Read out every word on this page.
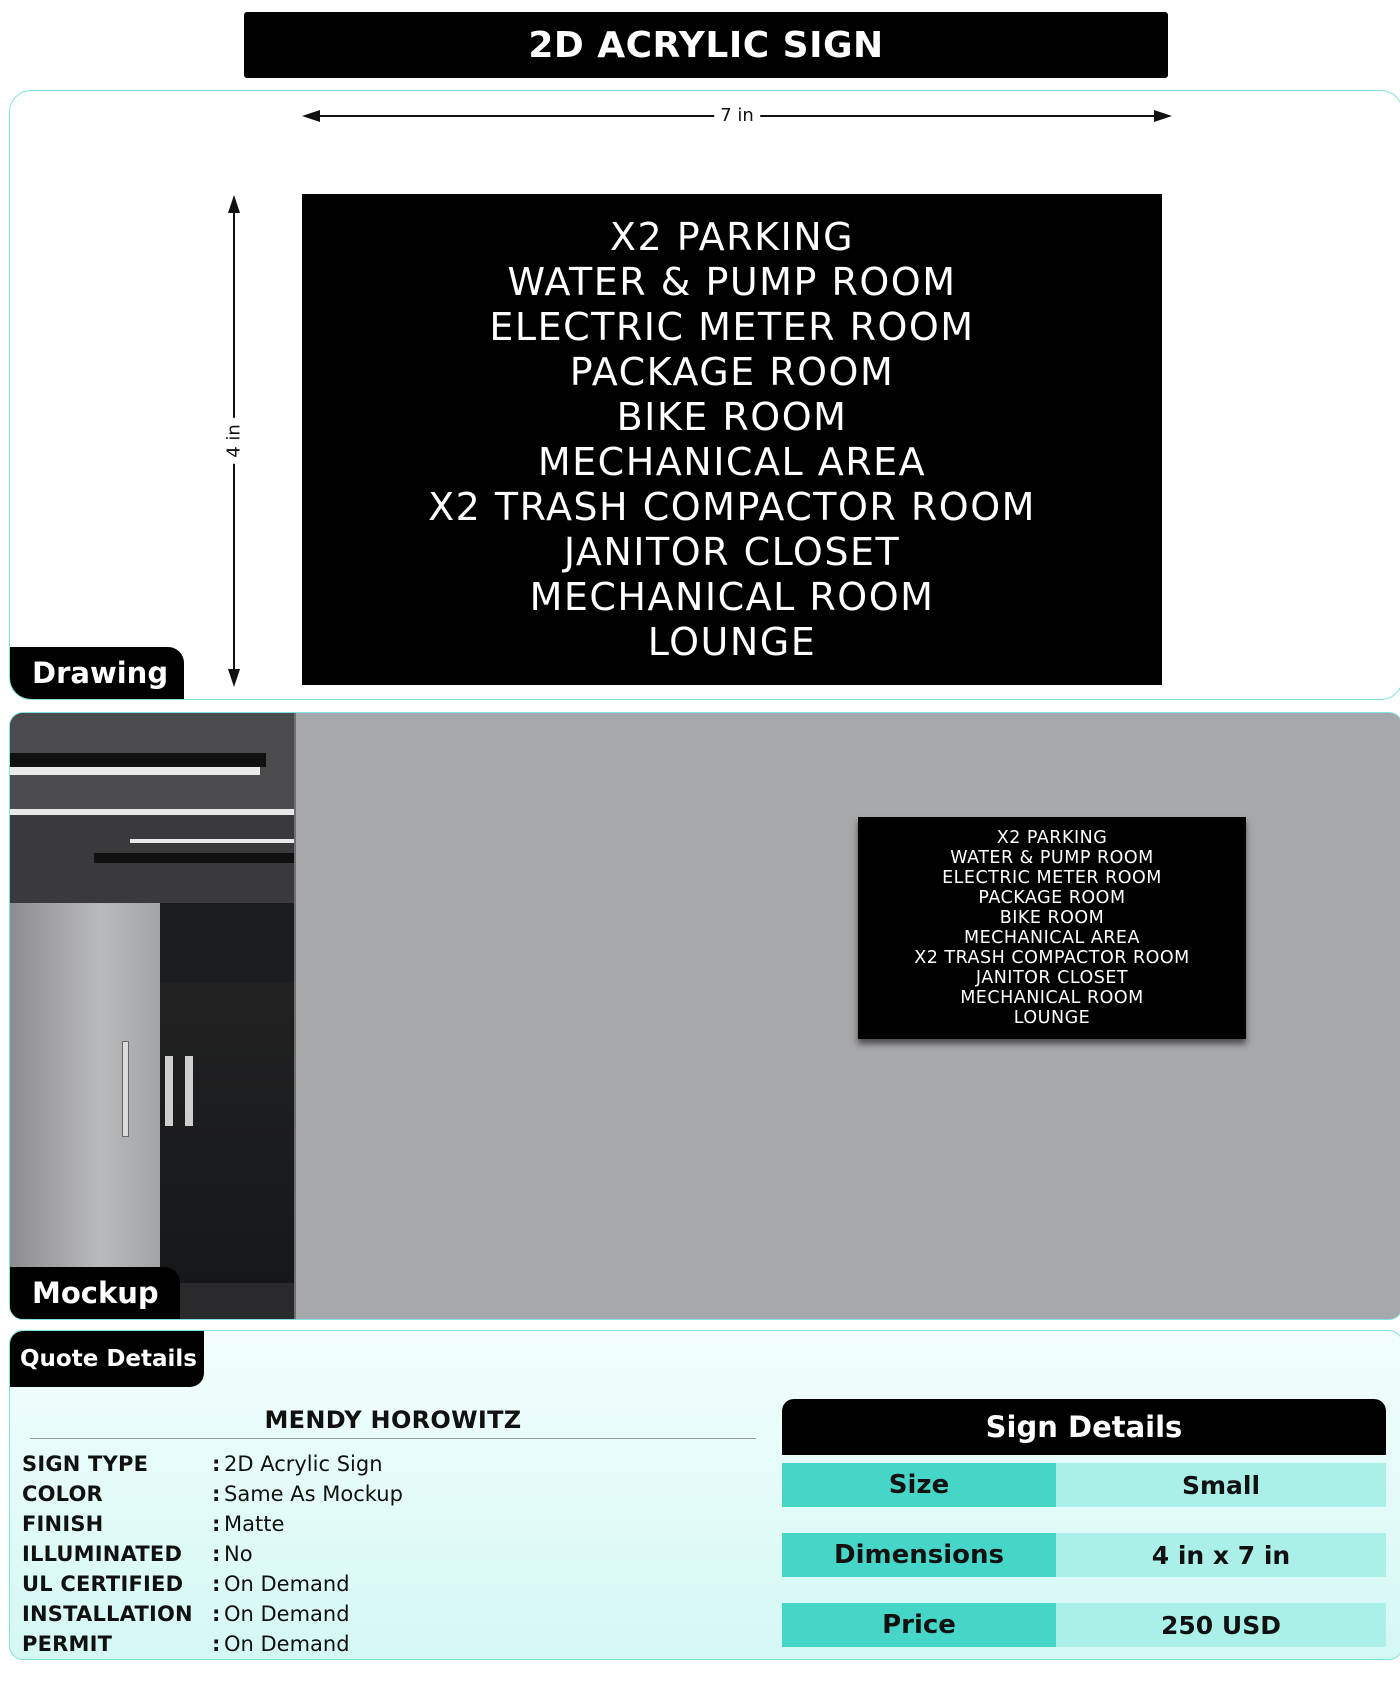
2D ACRYLIC SIGN
7 in
4 in
X2 PARKING
WATER & PUMP ROOM
ELECTRIC METER ROOM
PACKAGE ROOM
BIKE ROOM
MECHANICAL AREA
X2 TRASH COMPACTOR ROOM
JANITOR CLOSET
MECHANICAL ROOM
LOUNGE
Drawing
X2 PARKING
WATER & PUMP ROOM
ELECTRIC METER ROOM
PACKAGE ROOM
BIKE ROOM
MECHANICAL AREA
X2 TRASH COMPACTOR ROOM
JANITOR CLOSET
MECHANICAL ROOM
LOUNGE
Mockup
Quote Details
MENDY HOROWITZ
SIGN TYPE	: 2D Acrylic Sign
COLOR	: Same As Mockup
FINISH	: Matte
ILLUMINATED	: No
UL CERTIFIED	: On Demand
INSTALLATION : On Demand
PERMIT	: On Demand
Sign Details
Size	Small
Dimensions	4 in x 7 in
Price	250 USD
